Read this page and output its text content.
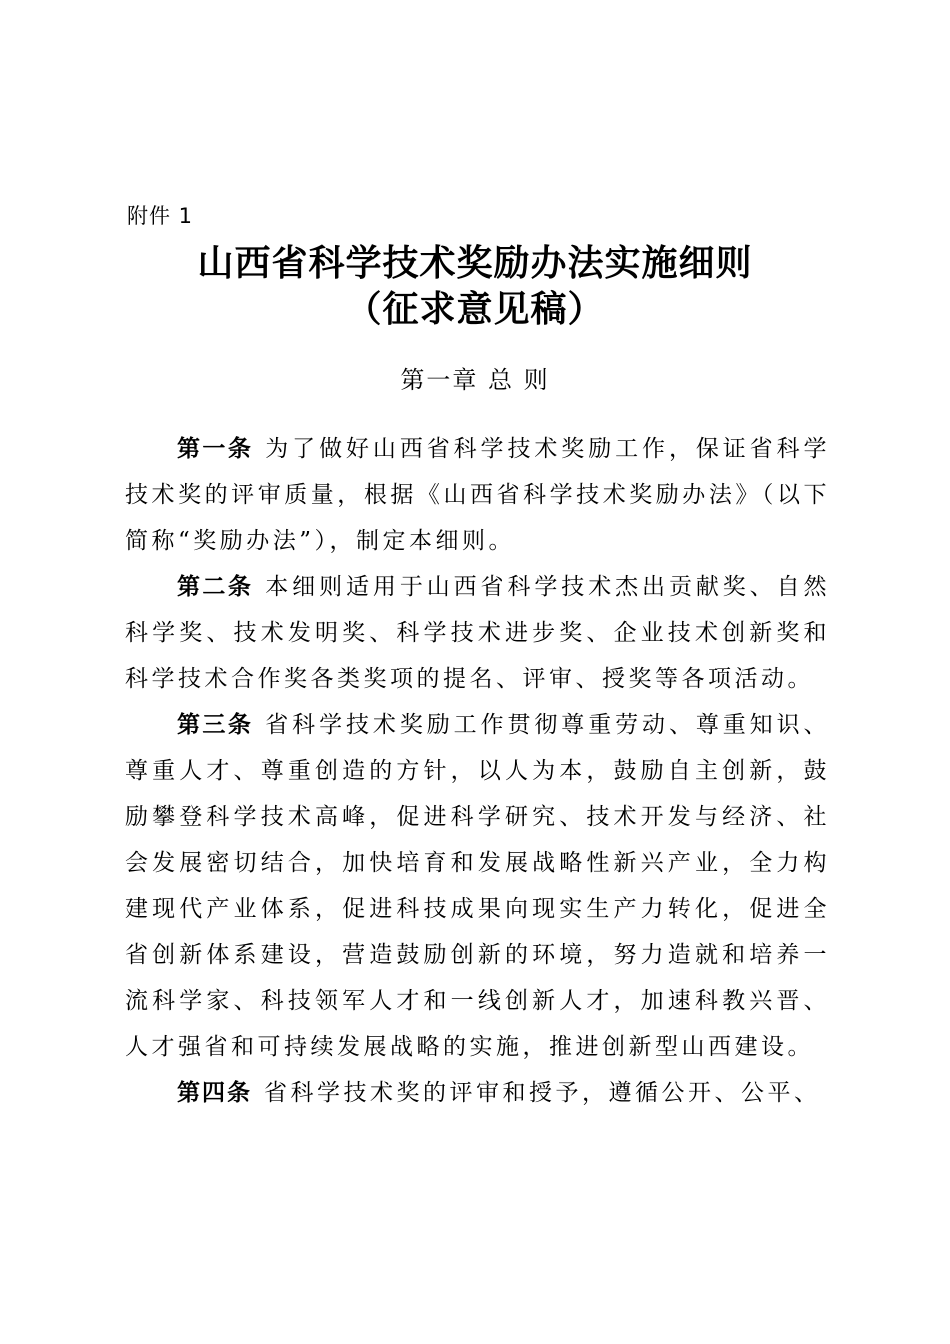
附件 1
山西省科学技术奖励办法实施细则
（征求意见稿）
第一章 总 则

第一条 为了做好山西省科学技术奖励工作，保证省科学技术奖的评审质量，根据《山西省科学技术奖励办法》（以下简称“奖励办法”），制定本细则。

第二条 本细则适用于山西省科学技术杰出贡献奖、自然科学奖、技术发明奖、科学技术进步奖、企业技术创新奖和科学技术合作奖各类奖项的提名、评审、授奖等各项活动。

第三条 省科学技术奖励工作贯彻尊重劳动、尊重知识、尊重人才、尊重创造的方针，以人为本，鼓励自主创新，鼓励攀登科学技术高峰，促进科学研究、技术开发与经济、社会发展密切结合，加快培育和发展战略性新兴产业，全力构建现代产业体系，促进科技成果向现实生产力转化，促进全省创新体系建设，营造鼓励创新的环境，努力造就和培养一流科学家、科技领军人才和一线创新人才，加速科教兴晋、人才强省和可持续发展战略的实施，推进创新型山西建设。

第四条 省科学技术奖的评审和授予，遵循公开、公平、
